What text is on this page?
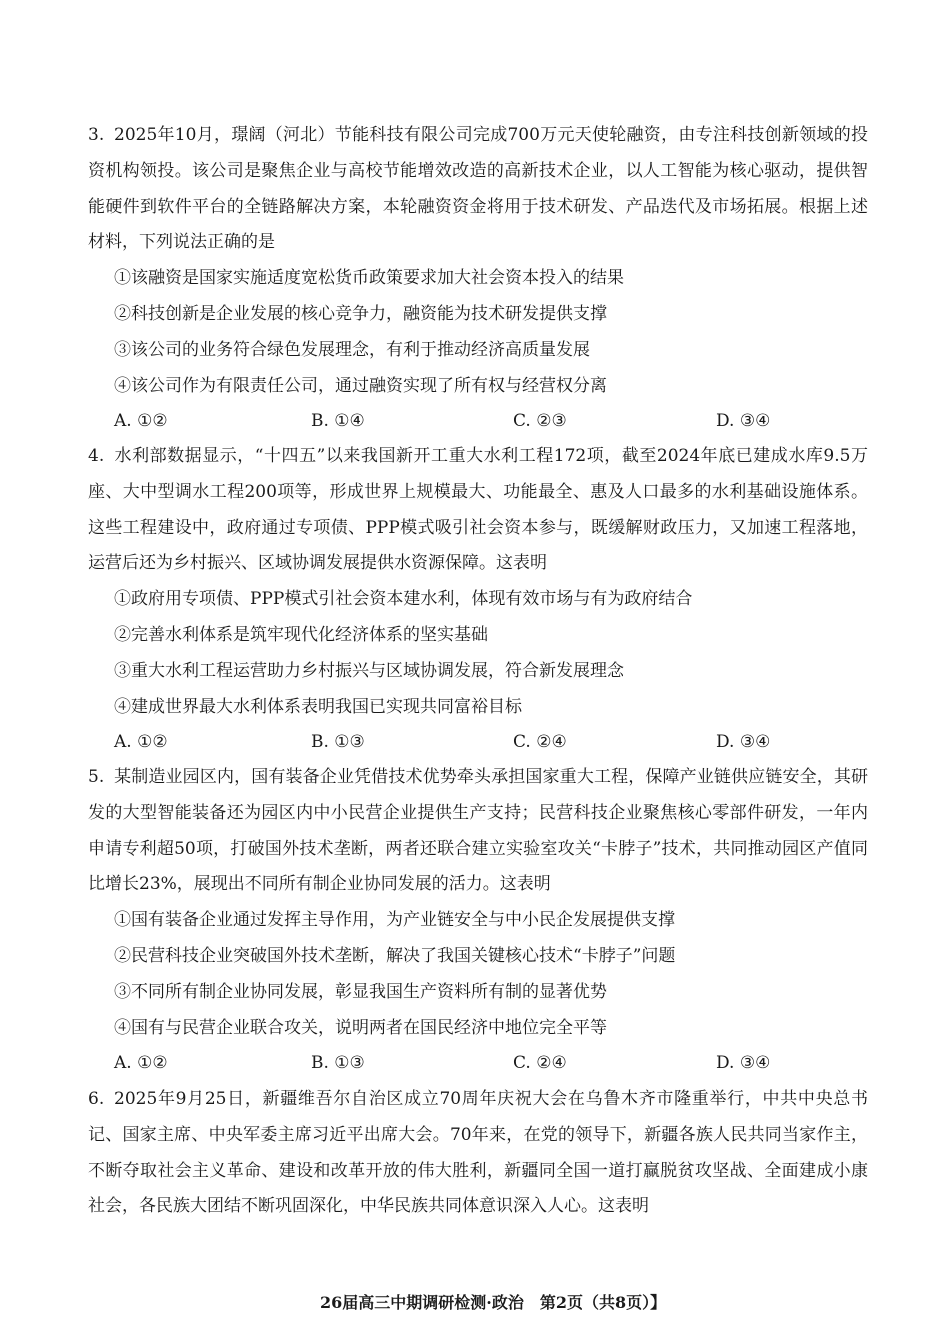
3. 2025年10月，璟阔（河北）节能科技有限公司完成700万元天使轮融资，由专注科技创新领域的投资机构领投。该公司是聚焦企业与高校节能增效改造的高新技术企业，以人工智能为核心驱动，提供智能硬件到软件平台的全链路解决方案，本轮融资资金将用于技术研发、产品迭代及市场拓展。根据上述材料，下列说法正确的是

①该融资是国家实施适度宽松货币政策要求加大社会资本投入的结果

②科技创新是企业发展的核心竞争力，融资能为技术研发提供支撑

③该公司的业务符合绿色发展理念，有利于推动经济高质量发展

④该公司作为有限责任公司，通过融资实现了所有权与经营权分离

A. ①②	B. ①④	C. ②③	D. ③④

4. 水利部数据显示，“十四五”以来我国新开工重大水利工程172项，截至2024年底已建成水库9.5万座、大中型调水工程200项等，形成世界上规模最大、功能最全、惠及人口最多的水利基础设施体系。这些工程建设中，政府通过专项债、PPP模式吸引社会资本参与，既缓解财政压力，又加速工程落地，运营后还为乡村振兴、区域协调发展提供水资源保障。这表明

①政府用专项债、PPP模式引社会资本建水利，体现有效市场与有为政府结合

②完善水利体系是筑牢现代化经济体系的坚实基础

③重大水利工程运营助力乡村振兴与区域协调发展，符合新发展理念

④建成世界最大水利体系表明我国已实现共同富裕目标

A. ①②	B. ①③	C. ②④	D. ③④

5. 某制造业园区内，国有装备企业凭借技术优势牵头承担国家重大工程，保障产业链供应链安全，其研发的大型智能装备还为园区内中小民营企业提供生产支持；民营科技企业聚焦核心零部件研发，一年内申请专利超50项，打破国外技术垄断，两者还联合建立实验室攻关“卡脖子”技术，共同推动园区产值同比增长23%，展现出不同所有制企业协同发展的活力。这表明

①国有装备企业通过发挥主导作用，为产业链安全与中小民企发展提供支撑

②民营科技企业突破国外技术垄断，解决了我国关键核心技术“卡脖子”问题

③不同所有制企业协同发展，彰显我国生产资料所有制的显著优势

④国有与民营企业联合攻关，说明两者在国民经济中地位完全平等

A. ①②	B. ①③	C. ②④	D. ③④

6. 2025年9月25日，新疆维吾尔自治区成立70周年庆祝大会在乌鲁木齐市隆重举行，中共中央总书记、国家主席、中央军委主席习近平出席大会。70年来，在党的领导下，新疆各族人民共同当家作主，不断夺取社会主义革命、建设和改革开放的伟大胜利，新疆同全国一道打赢脱贫攻坚战、全面建成小康社会，各民族大团结不断巩固深化，中华民族共同体意识深入人心。这表明

26届高三中期调研检测·政治　第2页（共8页）】
